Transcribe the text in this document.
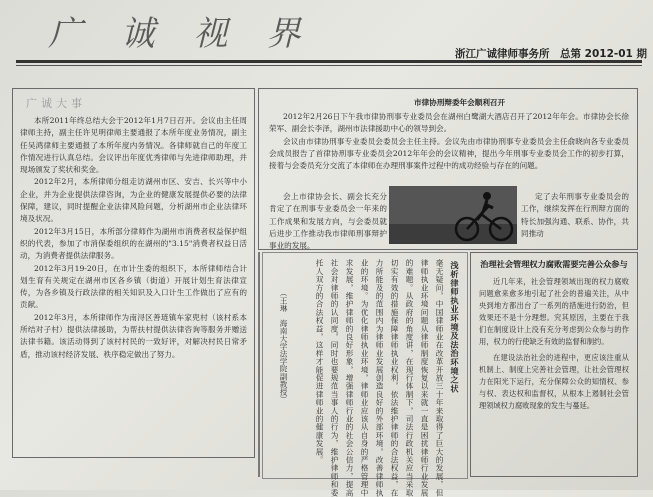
广 诚 视 界	浙江广诚律师事务所 总第 2012-01 期
广诚大事

本所2011年终总结大会于2012年1月7日召开。会议由主任周律师主持，副主任许见明律师主要通报了本所年度业务情况，副主任吴鸿律师主要通报了本所年度内务情况。各律师就自己的年度工作情况进行认真总结。会议评出年度优秀律师与先进律师助理，并现场颁发了奖状和奖金。

2012年2月，本所律师分组走访湖州市区、安吉、长兴等中小企业，并为企业提供法律咨询，为企业的健康发展提供必要的法律保障，建议，同时提醒企业法律风险问题，分析湖州市企业法律环境及状况。

2012年3月15日，本所部分律师作为湖州市消费者权益保护组织的代表，参加了市消保委组织的在湖州的"3.15"消费者权益日活动，为消费者提供法律服务。

2012年3月19-20日，在市计生委的组织下，本所律师结合计划生育有关规定在湖州市区各乡镇（街道）开展计划生育法律宣传，为各乡镇及行政法律的相关知识及入口计生工作做出了应有的贡献。

2012年3月，本所律师作为南浔区善琏镇车家兜村（该村系本所结对子村）提供法律援助，为帮扶村提供法律咨询等服务并赠送法律书籍。该活动得到了该村村民的一致好评，对解决村民日常矛盾，推动该村经济发展、秩序稳定做出了努力。

市律协刑辩委年会顺利召开

2012年2月26日下午我市律协刑事专业委员会在湖州白鹭湖大酒店召开了2012年年会。市律协会长徐荣军、副会长李泽，湖州市法律援助中心的领导到会。

会议由市律协刑事专业委员会委员会主任主持。会议先由市律协刑事专业委员会主任俞晓向各专业委员会成员报告了首律协刑事专业委员会2012年年会的会议精神，提出今年刑事专业委员会工作的初步打算，接着与会委员充分交流了本律师在办理刑事案件过程中的成功经验与存在的问题。

会上市律协会长、副会长充分肯定了在刑事专业委员会一年来的工作成果和发展方向，与会委员就后进步工作推动我市律师刑事辩护事业的发展。

定了去年刑事专业委员会的工作，继续发挥在行刑辩方面的特长加强沟通、联系、协作，共同推动

浅析律师执业环境及法治环境之状
毫无疑问，中国律师业在改革开放三十年来取得了巨大的发展，但
律师执业环境问题从律师制度恢复以来就一直是困扰律师行业发展
的难题。从政府的角度讲，在现行体制下，司法行政机关应当采取
切实有效的措施保障律师执业权利，依法维护律师的合法权益，在
力所能及的范围内为律师业发展创造良好的外部环境，改善律师执
业的环境。为优化律师执业环境，律师业应该从自身的严格管理中
求发展，维护律师的良好形象，增强律师行业的社会公信力，提高
社会对律师的认同度，同时也要规范当事人的行为，维护律师和委
托人双方的合法权益，这样才能促进律师业的健康发展。
（王琳　海南大学法学院副教授）
治理社会管理权力腐败需要完善公众参与

近几年来，社会管理领域出现的权力腐败问题愈来愈多地引起了社会的普遍关注，从中央到地方都出台了一系列的措施进行防治，但效果还不是十分理想。究其原因，主要在于我们在制度设计上没有充分考虑到公众参与的作用，权力的行使缺乏有效的监督和制约。

在建设法治社会的进程中，更应该注重从机制上、制度上完善社会管理，让社会管理权力在阳光下运行，充分保障公众的知情权、参与权、表达权和监督权，从根本上遏制社会管理领域权力腐败现象的发生与蔓延。
